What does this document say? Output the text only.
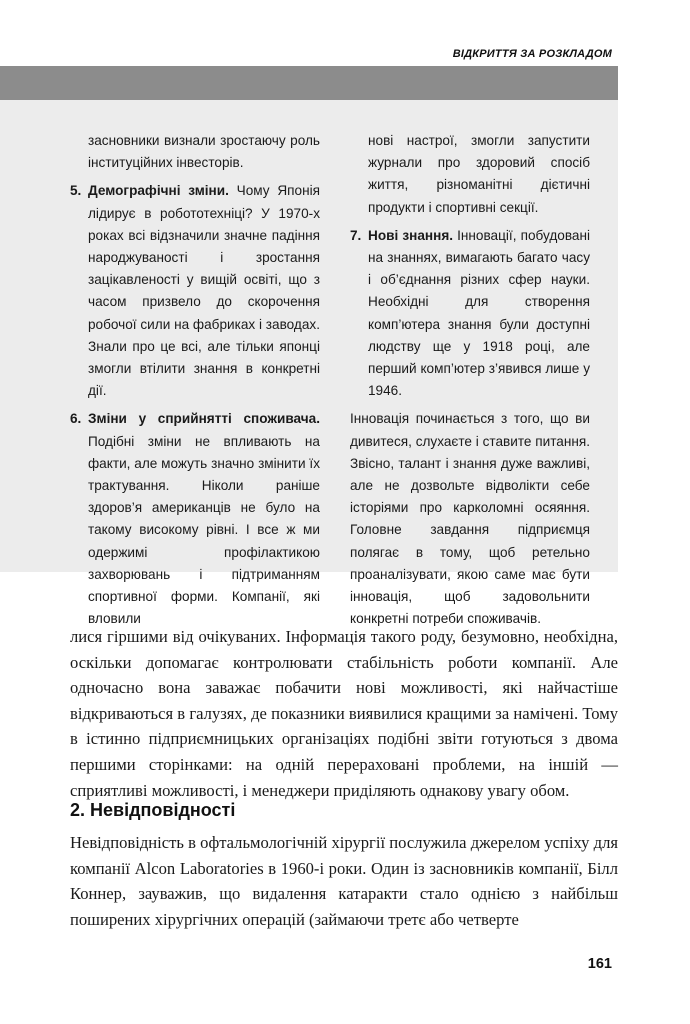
ВІДКРИТТЯ ЗА РОЗКЛАДОМ

засновники визнали зростаючу роль інституційних інвесторів.

5. Демографічні зміни. Чому Японія лідирує в робототехніці? У 1970-х роках всі відзначили значне падіння народжуваності і зростання зацікавленості у вищій освіті, що з часом призвело до скорочення робочої сили на фабриках і заводах. Знали про це всі, але тільки японці змогли втілити знання в конкретні дії.

6. Зміни у сприйнятті споживача. Подібні зміни не впливають на факти, але можуть значно змінити їх трактування. Ніколи раніше здоров’я американців не було на такому високому рівні. І все ж ми одержимі профілактикою захворювань і підтриманням спортивної форми. Компанії, які вловили

нові настрої, змогли запустити журнали про здоровий спосіб життя, різноманітні дієтичні продукти і спортивні секції.

7. Нові знання. Інновації, побудовані на знаннях, вимагають багато часу і об’єднання різних сфер науки. Необхідні для створення комп’ютера знання були доступні людству ще у 1918 році, але перший комп’ютер з’явився лише у 1946.

Інновація починається з того, що ви дивитеся, слухаєте і ставите питання. Звісно, талант і знання дуже важливі, але не дозвольте відволікти себе історіями про карколомні осяяння. Головне завдання підприємця полягає в тому, щоб ретельно проаналізувати, якою саме має бути інновація, щоб задовольнити конкретні потреби споживачів.

лися гіршими від очікуваних. Інформація такого роду, безумовно, необхідна, оскільки допомагає контролювати стабільність роботи компанії. Але одночасно вона заважає побачити нові можливості, які найчастіше відкриваються в галузях, де показники виявилися кращими за намічені. Тому в істинно підприємницьких організаціях подібні звіти готуються з двома першими сторінками: на одній перераховані проблеми, на іншій — сприятливі можливості, і менеджери приділяють однакову увагу обом.

2. Невідповідності

Невідповідність в офтальмологічній хірургії послужила джерелом успіху для компанії Alcon Laboratories в 1960-і роки. Один із засновників компанії, Білл Коннер, зауважив, що видалення катаракти стало однією з найбільш поширених хірургічних операцій (займаючи третє або четверте

161
